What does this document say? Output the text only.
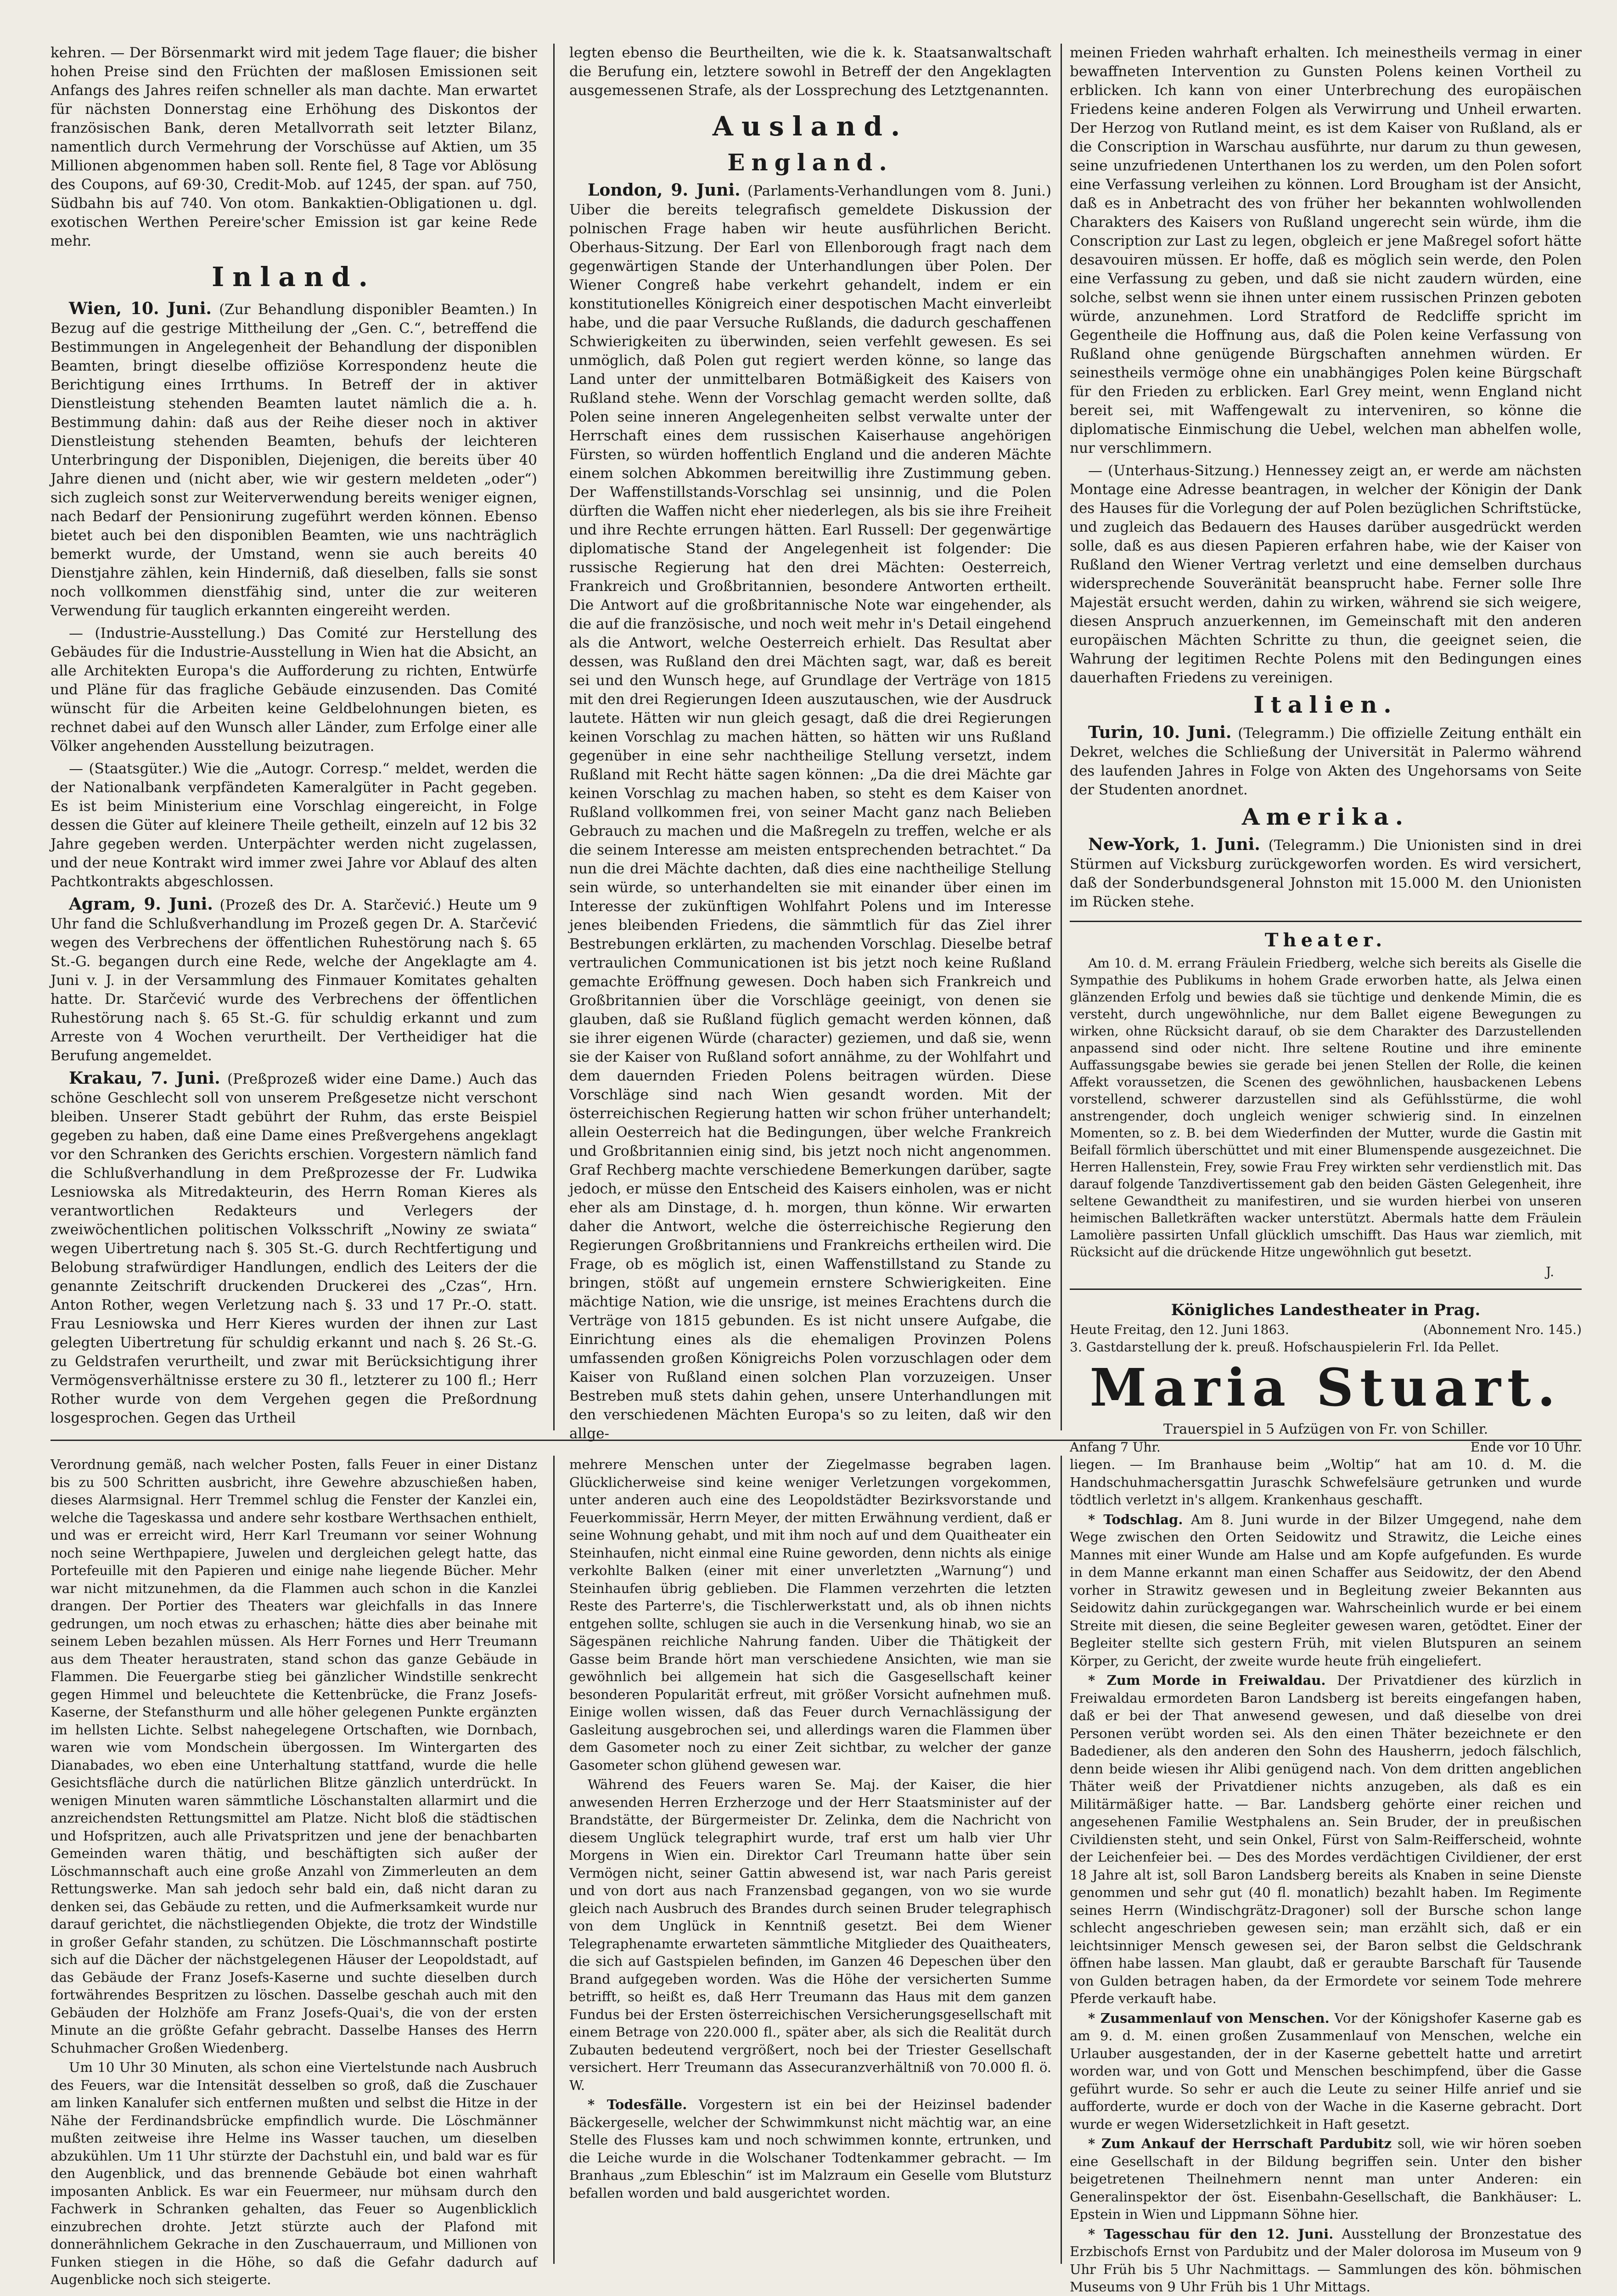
kehren. — Der Börsenmarkt wird mit jedem Tage flauer; die bisher hohen Preise sind den Früchten der maßlosen Emissionen seit Anfangs des Jahres reifen schneller als man dachte. Man erwartet für nächsten Donnerstag eine Erhöhung des Diskontos der französischen Bank, deren Metallvorrath seit letzter Bilanz, namentlich durch Vermehrung der Vorschüsse auf Aktien, um 35 Millionen abgenommen haben soll. Rente fiel, 8 Tage vor Ablösung des Coupons, auf 69·30, Credit-Mob. auf 1245, der span. auf 750, Südbahn bis auf 740. Von otom. Bankaktien-Obligationen u. dgl. exotischen Werthen Pereire'scher Emission ist gar keine Rede mehr.

Inland.

Wien, 10. Juni. (Zur Behandlung disponibler Beamten.) In Bezug auf die gestrige Mittheilung der „Gen. C.“, betreffend die Bestimmungen in Angelegenheit der Behandlung der disponiblen Beamten, bringt dieselbe offiziöse Korrespondenz heute die Berichtigung eines Irrthums. In Betreff der in aktiver Dienstleistung stehenden Beamten lautet nämlich die a. h. Bestimmung dahin: daß aus der Reihe dieser noch in aktiver Dienstleistung stehenden Beamten, behufs der leichteren Unterbringung der Disponiblen, Diejenigen, die bereits über 40 Jahre dienen und (nicht aber, wie wir gestern meldeten „oder“) sich zugleich sonst zur Weiterverwendung bereits weniger eignen, nach Bedarf der Pensionirung zugeführt werden können. Ebenso bietet auch bei den disponiblen Beamten, wie uns nachträglich bemerkt wurde, der Umstand, wenn sie auch bereits 40 Dienstjahre zählen, kein Hinderniß, daß dieselben, falls sie sonst noch vollkommen dienstfähig sind, unter die zur weiteren Verwendung für tauglich erkannten eingereiht werden.

— (Industrie-Ausstellung.) Das Comité zur Herstellung des Gebäudes für die Industrie-Ausstellung in Wien hat die Absicht, an alle Architekten Europa's die Aufforderung zu richten, Entwürfe und Pläne für das fragliche Gebäude einzusenden. Das Comité wünscht für die Arbeiten keine Geldbelohnungen bieten, es rechnet dabei auf den Wunsch aller Länder, zum Erfolge einer alle Völker angehenden Ausstellung beizutragen.

— (Staatsgüter.) Wie die „Autogr. Corresp.“ meldet, werden die der Nationalbank verpfändeten Kameralgüter in Pacht gegeben. Es ist beim Ministerium eine Vorschlag eingereicht, in Folge dessen die Güter auf kleinere Theile getheilt, einzeln auf 12 bis 32 Jahre gegeben werden. Unterpächter werden nicht zugelassen, und der neue Kontrakt wird immer zwei Jahre vor Ablauf des alten Pachtkontrakts abgeschlossen.

Agram, 9. Juni. (Prozeß des Dr. A. Starčević.) Heute um 9 Uhr fand die Schlußverhandlung im Prozeß gegen Dr. A. Starčević wegen des Verbrechens der öffentlichen Ruhestörung nach §. 65 St.-G. begangen durch eine Rede, welche der Angeklagte am 4. Juni v. J. in der Versammlung des Finmauer Komitates gehalten hatte. Dr. Starčević wurde des Verbrechens der öffentlichen Ruhestörung nach §. 65 St.-G. für schuldig erkannt und zum Arreste von 4 Wochen verurtheilt. Der Vertheidiger hat die Berufung angemeldet.

Krakau, 7. Juni. (Preßprozeß wider eine Dame.) Auch das schöne Geschlecht soll von unserem Preßgesetze nicht verschont bleiben. Unserer Stadt gebührt der Ruhm, das erste Beispiel gegeben zu haben, daß eine Dame eines Preßvergehens angeklagt vor den Schranken des Gerichts erschien. Vorgestern nämlich fand die Schlußverhandlung in dem Preßprozesse der Fr. Ludwika Lesniowska als Mitredakteurin, des Herrn Roman Kieres als verantwortlichen Redakteurs und Verlegers der zweiwöchentlichen politischen Volksschrift „Nowiny ze swiata“ wegen Uibertretung nach §. 305 St.-G. durch Rechtfertigung und Belobung strafwürdiger Handlungen, endlich des Leiters der die genannte Zeitschrift druckenden Druckerei des „Czas“, Hrn. Anton Rother, wegen Verletzung nach §. 33 und 17 Pr.-O. statt. Frau Lesniowska und Herr Kieres wurden der ihnen zur Last gelegten Uibertretung für schuldig erkannt und nach §. 26 St.-G. zu Geldstrafen verurtheilt, und zwar mit Berücksichtigung ihrer Vermögensverhältnisse erstere zu 30 fl., letzterer zu 100 fl.; Herr Rother wurde von dem Vergehen gegen die Preßordnung losgesprochen. Gegen das Urtheil

legten ebenso die Beurtheilten, wie die k. k. Staatsanwaltschaft die Berufung ein, letztere sowohl in Betreff der den Angeklagten ausgemessenen Strafe, als der Lossprechung des Letztgenannten.

Ausland.
England.

London, 9. Juni. (Parlaments-Verhandlungen vom 8. Juni.) Uiber die bereits telegrafisch gemeldete Diskussion der polnischen Frage haben wir heute ausführlichen Bericht. Oberhaus-Sitzung. Der Earl von Ellenborough fragt nach dem gegenwärtigen Stande der Unterhandlungen über Polen. Der Wiener Congreß habe verkehrt gehandelt, indem er ein konstitutionelles Königreich einer despotischen Macht einverleibt habe, und die paar Versuche Rußlands, die dadurch geschaffenen Schwierigkeiten zu überwinden, seien verfehlt gewesen. Es sei unmöglich, daß Polen gut regiert werden könne, so lange das Land unter der unmittelbaren Botmäßigkeit des Kaisers von Rußland stehe. Wenn der Vorschlag gemacht werden sollte, daß Polen seine inneren Angelegenheiten selbst verwalte unter der Herrschaft eines dem russischen Kaiserhause angehörigen Fürsten, so würden hoffentlich England und die anderen Mächte einem solchen Abkommen bereitwillig ihre Zustimmung geben. Der Waffenstillstands-Vorschlag sei unsinnig, und die Polen dürften die Waffen nicht eher niederlegen, als bis sie ihre Freiheit und ihre Rechte errungen hätten. Earl Russell: Der gegenwärtige diplomatische Stand der Angelegenheit ist folgender: Die russische Regierung hat den drei Mächten: Oesterreich, Frankreich und Großbritannien, besondere Antworten ertheilt. Die Antwort auf die großbritannische Note war eingehender, als die auf die französische, und noch weit mehr in's Detail eingehend als die Antwort, welche Oesterreich erhielt. Das Resultat aber dessen, was Rußland den drei Mächten sagt, war, daß es bereit sei und den Wunsch hege, auf Grundlage der Verträge von 1815 mit den drei Regierungen Ideen auszutauschen, wie der Ausdruck lautete. Hätten wir nun gleich gesagt, daß die drei Regierungen keinen Vorschlag zu machen hätten, so hätten wir uns Rußland gegenüber in eine sehr nachtheilige Stellung versetzt, indem Rußland mit Recht hätte sagen können: „Da die drei Mächte gar keinen Vorschlag zu machen haben, so steht es dem Kaiser von Rußland vollkommen frei, von seiner Macht ganz nach Belieben Gebrauch zu machen und die Maßregeln zu treffen, welche er als die seinem Interesse am meisten entsprechenden betrachtet.“ Da nun die drei Mächte dachten, daß dies eine nachtheilige Stellung sein würde, so unterhandelten sie mit einander über einen im Interesse der zukünftigen Wohlfahrt Polens und im Interesse jenes bleibenden Friedens, die sämmtlich für das Ziel ihrer Bestrebungen erklärten, zu machenden Vorschlag. Dieselbe betraf vertraulichen Communicationen ist bis jetzt noch keine Rußland gemachte Eröffnung gewesen. Doch haben sich Frankreich und Großbritannien über die Vorschläge geeinigt, von denen sie glauben, daß sie Rußland füglich gemacht werden können, daß sie ihrer eigenen Würde (character) geziemen, und daß sie, wenn sie der Kaiser von Rußland sofort annähme, zu der Wohlfahrt und dem dauernden Frieden Polens beitragen würden. Diese Vorschläge sind nach Wien gesandt worden. Mit der österreichischen Regierung hatten wir schon früher unterhandelt; allein Oesterreich hat die Bedingungen, über welche Frankreich und Großbritannien einig sind, bis jetzt noch nicht angenommen. Graf Rechberg machte verschiedene Bemerkungen darüber, sagte jedoch, er müsse den Entscheid des Kaisers einholen, was er nicht eher als am Dinstage, d. h. morgen, thun könne. Wir erwarten daher die Antwort, welche die österreichische Regierung den Regierungen Großbritanniens und Frankreichs ertheilen wird. Die Frage, ob es möglich ist, einen Waffenstillstand zu Stande zu bringen, stößt auf ungemein ernstere Schwierigkeiten. Eine mächtige Nation, wie die unsrige, ist meines Erachtens durch die Verträge von 1815 gebunden. Es ist nicht unsere Aufgabe, die Einrichtung eines als die ehemaligen Provinzen Polens umfassenden großen Königreichs Polen vorzuschlagen oder dem Kaiser von Rußland einen solchen Plan vorzuzeigen. Unser Bestreben muß stets dahin gehen, unsere Unterhandlungen mit den verschiedenen Mächten Europa's so zu leiten, daß wir den allge-

meinen Frieden wahrhaft erhalten. Ich meinestheils vermag in einer bewaffneten Intervention zu Gunsten Polens keinen Vortheil zu erblicken. Ich kann von einer Unterbrechung des europäischen Friedens keine anderen Folgen als Verwirrung und Unheil erwarten. Der Herzog von Rutland meint, es ist dem Kaiser von Rußland, als er die Conscription in Warschau ausführte, nur darum zu thun gewesen, seine unzufriedenen Unterthanen los zu werden, um den Polen sofort eine Verfassung verleihen zu können. Lord Brougham ist der Ansicht, daß es in Anbetracht des von früher her bekannten wohlwollenden Charakters des Kaisers von Rußland ungerecht sein würde, ihm die Conscription zur Last zu legen, obgleich er jene Maßregel sofort hätte desavouiren müssen. Er hoffe, daß es möglich sein werde, den Polen eine Verfassung zu geben, und daß sie nicht zaudern würden, eine solche, selbst wenn sie ihnen unter einem russischen Prinzen geboten würde, anzunehmen. Lord Stratford de Redcliffe spricht im Gegentheile die Hoffnung aus, daß die Polen keine Verfassung von Rußland ohne genügende Bürgschaften annehmen würden. Er seinestheils vermöge ohne ein unabhängiges Polen keine Bürgschaft für den Frieden zu erblicken. Earl Grey meint, wenn England nicht bereit sei, mit Waffengewalt zu interveniren, so könne die diplomatische Einmischung die Uebel, welchen man abhelfen wolle, nur verschlimmern.

— (Unterhaus-Sitzung.) Hennessey zeigt an, er werde am nächsten Montage eine Adresse beantragen, in welcher der Königin der Dank des Hauses für die Vorlegung der auf Polen bezüglichen Schriftstücke, und zugleich das Bedauern des Hauses darüber ausgedrückt werden solle, daß es aus diesen Papieren erfahren habe, wie der Kaiser von Rußland den Wiener Vertrag verletzt und eine demselben durchaus widersprechende Souveränität beansprucht habe. Ferner solle Ihre Majestät ersucht werden, dahin zu wirken, während sie sich weigere, diesen Anspruch anzuerkennen, im Gemeinschaft mit den anderen europäischen Mächten Schritte zu thun, die geeignet seien, die Wahrung der legitimen Rechte Polens mit den Bedingungen eines dauerhaften Friedens zu vereinigen.

Italien.

Turin, 10. Juni. (Telegramm.) Die offizielle Zeitung enthält ein Dekret, welches die Schließung der Universität in Palermo während des laufenden Jahres in Folge von Akten des Ungehorsams von Seite der Studenten anordnet.

Amerika.

New-York, 1. Juni. (Telegramm.) Die Unionisten sind in drei Stürmen auf Vicksburg zurückgeworfen worden. Es wird versichert, daß der Sonderbundsgeneral Johnston mit 15.000 M. den Unionisten im Rücken stehe.

Theater.

Am 10. d. M. errang Fräulein Friedberg, welche sich bereits als Giselle die Sympathie des Publikums in hohem Grade erworben hatte, als Jelwa einen glänzenden Erfolg und bewies daß sie tüchtige und denkende Mimin, die es versteht, durch ungewöhnliche, nur dem Ballet eigene Bewegungen zu wirken, ohne Rücksicht darauf, ob sie dem Charakter des Darzustellenden anpassend sind oder nicht. Ihre seltene Routine und ihre eminente Auffassungsgabe bewies sie gerade bei jenen Stellen der Rolle, die keinen Affekt voraussetzen, die Scenen des gewöhnlichen, hausbackenen Lebens vorstellend, schwerer darzustellen sind als Gefühlsstürme, die wohl anstrengender, doch ungleich weniger schwierig sind. In einzelnen Momenten, so z. B. bei dem Wiederfinden der Mutter, wurde die Gastin mit Beifall förmlich überschüttet und mit einer Blumenspende ausgezeichnet. Die Herren Hallenstein, Frey, sowie Frau Frey wirkten sehr verdienstlich mit. Das darauf folgende Tanzdivertissement gab den beiden Gästen Gelegenheit, ihre seltene Gewandtheit zu manifestiren, und sie wurden hierbei von unseren heimischen Balletkräften wacker unterstützt. Abermals hatte dem Fräulein Lamolière passirten Unfall glücklich umschifft. Das Haus war ziemlich, mit Rücksicht auf die drückende Hitze ungewöhnlich gut besetzt.

J.
Königliches Landestheater in Prag.
Heute Freitag, den 12. Juni 1863.	(Abonnement Nro. 145.)
3. Gastdarstellung der k. preuß. Hofschauspielerin Frl. Ida Pellet.
Maria Stuart.
Trauerspiel in 5 Aufzügen von Fr. von Schiller.
Anfang 7 Uhr.	Ende vor 10 Uhr.

Verordnung gemäß, nach welcher Posten, falls Feuer in einer Distanz bis zu 500 Schritten ausbricht, ihre Gewehre abzuschießen haben, dieses Alarmsignal. Herr Tremmel schlug die Fenster der Kanzlei ein, welche die Tageskassa und andere sehr kostbare Werthsachen enthielt, und was er erreicht wird, Herr Karl Treumann vor seiner Wohnung noch seine Werthpapiere, Juwelen und dergleichen gelegt hatte, das Portefeuille mit den Papieren und einige nahe liegende Bücher. Mehr war nicht mitzunehmen, da die Flammen auch schon in die Kanzlei drangen. Der Portier des Theaters war gleichfalls in das Innere gedrungen, um noch etwas zu erhaschen; hätte dies aber beinahe mit seinem Leben bezahlen müssen. Als Herr Fornes und Herr Treumann aus dem Theater heraustraten, stand schon das ganze Gebäude in Flammen. Die Feuergarbe stieg bei gänzlicher Windstille senkrecht gegen Himmel und beleuchtete die Kettenbrücke, die Franz Josefs-Kaserne, der Stefansthurm und alle höher gelegenen Punkte ergänzten im hellsten Lichte. Selbst nahegelegene Ortschaften, wie Dornbach, waren wie vom Mondschein übergossen. Im Wintergarten des Dianabades, wo eben eine Unterhaltung stattfand, wurde die helle Gesichtsfläche durch die natürlichen Blitze gänzlich unterdrückt. In wenigen Minuten waren sämmtliche Löschanstalten allarmirt und die anzreichendsten Rettungsmittel am Platze. Nicht bloß die städtischen und Hofspritzen, auch alle Privatspritzen und jene der benachbarten Gemeinden waren thätig, und beschäftigten sich außer der Löschmannschaft auch eine große Anzahl von Zimmerleuten an dem Rettungswerke. Man sah jedoch sehr bald ein, daß nicht daran zu denken sei, das Gebäude zu retten, und die Aufmerksamkeit wurde nur darauf gerichtet, die nächstliegenden Objekte, die trotz der Windstille in großer Gefahr standen, zu schützen. Die Löschmannschaft postirte sich auf die Dächer der nächstgelegenen Häuser der Leopoldstadt, auf das Gebäude der Franz Josefs-Kaserne und suchte dieselben durch fortwährendes Bespritzen zu löschen. Dasselbe geschah auch mit den Gebäuden der Holzhöfe am Franz Josefs-Quai's, die von der ersten Minute an die größte Gefahr gebracht. Dasselbe Hanses des Herrn Schuhmacher Großen Wiedenberg.

Um 10 Uhr 30 Minuten, als schon eine Viertelstunde nach Ausbruch des Feuers, war die Intensität desselben so groß, daß die Zuschauer am linken Kanalufer sich entfernen mußten und selbst die Hitze in der Nähe der Ferdinandsbrücke empfindlich wurde. Die Löschmänner mußten zeitweise ihre Helme ins Wasser tauchen, um dieselben abzukühlen. Um 11 Uhr stürzte der Dachstuhl ein, und bald war es für den Augenblick, und das brennende Gebäude bot einen wahrhaft imposanten Anblick. Es war ein Feuermeer, nur mühsam durch den Fachwerk in Schranken gehalten, das Feuer so Augenblicklich einzubrechen drohte. Jetzt stürzte auch der Plafond mit donnerähnlichem Gekrache in den Zuschauerraum, und Millionen von Funken stiegen in die Höhe, so daß die Gefahr dadurch auf Augenblicke noch sich steigerte.

mehrere Menschen unter der Ziegelmasse begraben lagen. Glücklicherweise sind keine weniger Verletzungen vorgekommen, unter anderen auch eine des Leopoldstädter Bezirksvorstande und Feuerkommissär, Herrn Meyer, der mitten Erwähnung verdient, daß er seine Wohnung gehabt, und mit ihm noch auf und dem Quaitheater ein Steinhaufen, nicht einmal eine Ruine geworden, denn nichts als einige verkohlte Balken (einer mit einer unverletzten „Warnung“) und Steinhaufen übrig geblieben. Die Flammen verzehrten die letzten Reste des Parterre's, die Tischlerwerkstatt und, als ob ihnen nichts entgehen sollte, schlugen sie auch in die Versenkung hinab, wo sie an Sägespänen reichliche Nahrung fanden. Uiber die Thätigkeit der Gasse beim Brande hört man verschiedene Ansichten, wie man sie gewöhnlich bei allgemein hat sich die Gasgesellschaft keiner besonderen Popularität erfreut, mit größer Vorsicht aufnehmen muß. Einige wollen wissen, daß das Feuer durch Vernachlässigung der Gasleitung ausgebrochen sei, und allerdings waren die Flammen über dem Gasometer noch zu einer Zeit sichtbar, zu welcher der ganze Gasometer schon glühend gewesen war.

Während des Feuers waren Se. Maj. der Kaiser, die hier anwesenden Herren Erzherzoge und der Herr Staatsminister auf der Brandstätte, der Bürgermeister Dr. Zelinka, dem die Nachricht von diesem Unglück telegraphirt wurde, traf erst um halb vier Uhr Morgens in Wien ein. Direktor Carl Treumann hatte über sein Vermögen nicht, seiner Gattin abwesend ist, war nach Paris gereist und von dort aus nach Franzensbad gegangen, von wo sie wurde gleich nach Ausbruch des Brandes durch seinen Bruder telegraphisch von dem Unglück in Kenntniß gesetzt. Bei dem Wiener Telegraphenamte erwarteten sämmtliche Mitglieder des Quaitheaters, die sich auf Gastspielen befinden, im Ganzen 46 Depeschen über den Brand aufgegeben worden. Was die Höhe der versicherten Summe betrifft, so heißt es, daß Herr Treumann das Haus mit dem ganzen Fundus bei der Ersten österreichischen Versicherungsgesellschaft mit einem Betrage von 220.000 fl., später aber, als sich die Realität durch Zubauten bedeutend vergrößert, noch bei der Triester Gesellschaft versichert. Herr Treumann das Assecuranzverhältniß von 70.000 fl. ö. W.

* Todesfälle. Vorgestern ist ein bei der Heizinsel badender Bäckergeselle, welcher der Schwimmkunst nicht mächtig war, an eine Stelle des Flusses kam und noch schwimmen konnte, ertrunken, und die Leiche wurde in die Wolschaner Todtenkammer gebracht. — Im Branhaus „zum Ebleschin“ ist im Malzraum ein Geselle vom Blutsturz befallen worden und bald ausgerichtet worden.

liegen. — Im Branhause beim „Woltip“ hat am 10. d. M. die Handschuhmachersgattin Juraschk Schwefelsäure getrunken und wurde tödtlich verletzt in's allgem. Krankenhaus geschafft.

* Todschlag. Am 8. Juni wurde in der Bilzer Umgegend, nahe dem Wege zwischen den Orten Seidowitz und Strawitz, die Leiche eines Mannes mit einer Wunde am Halse und am Kopfe aufgefunden. Es wurde in dem Manne erkannt man einen Schaffer aus Seidowitz, der den Abend vorher in Strawitz gewesen und in Begleitung zweier Bekannten aus Seidowitz dahin zurückgegangen war. Wahrscheinlich wurde er bei einem Streite mit diesen, die seine Begleiter gewesen waren, getödtet. Einer der Begleiter stellte sich gestern Früh, mit vielen Blutspuren an seinem Körper, zu Gericht, der zweite wurde heute früh eingeliefert.

* Zum Morde in Freiwaldau. Der Privatdiener des kürzlich in Freiwaldau ermordeten Baron Landsberg ist bereits eingefangen haben, daß er bei der That anwesend gewesen, und daß dieselbe von drei Personen verübt worden sei. Als den einen Thäter bezeichnete er den Badediener, als den anderen den Sohn des Hausherrn, jedoch fälschlich, denn beide wiesen ihr Alibi genügend nach. Von dem dritten angeblichen Thäter weiß der Privatdiener nichts anzugeben, als daß es ein Militärmäßiger hatte. — Bar. Landsberg gehörte einer reichen und angesehenen Familie Westphalens an. Sein Bruder, der in preußischen Civildiensten steht, und sein Onkel, Fürst von Salm-Reifferscheid, wohnte der Leichenfeier bei. — Des des Mordes verdächtigen Civildiener, der erst 18 Jahre alt ist, soll Baron Landsberg bereits als Knaben in seine Dienste genommen und sehr gut (40 fl. monatlich) bezahlt haben. Im Regimente seines Herrn (Windischgrätz-Dragoner) soll der Bursche schon lange schlecht angeschrieben gewesen sein; man erzählt sich, daß er ein leichtsinniger Mensch gewesen sei, der Baron selbst die Geldschrank öffnen habe lassen. Man glaubt, daß er geraubte Barschaft für Tausende von Gulden betragen haben, da der Ermordete vor seinem Tode mehrere Pferde verkauft habe.

* Zusammenlauf von Menschen. Vor der Königshofer Kaserne gab es am 9. d. M. einen großen Zusammenlauf von Menschen, welche ein Urlauber ausgestanden, der in der Kaserne gebettelt hatte und arretirt worden war, und von Gott und Menschen beschimpfend, über die Gasse geführt wurde. So sehr er auch die Leute zu seiner Hilfe anrief und sie aufforderte, wurde er doch von der Wache in die Kaserne gebracht. Dort wurde er wegen Widersetzlichkeit in Haft gesetzt.

* Zum Ankauf der Herrschaft Pardubitz soll, wie wir hören soeben eine Gesellschaft in der Bildung begriffen sein. Unter den bisher beigetretenen Theilnehmern nennt man unter Anderen: ein Generalinspektor der öst. Eisenbahn-Gesellschaft, die Bankhäuser: L. Epstein in Wien und Lippmann Söhne hier.

* Tagesschau für den 12. Juni. Ausstellung der Bronzestatue des Erzbischofs Ernst von Pardubitz und der Maler dolorosa im Museum von 9 Uhr Früh bis 5 Uhr Nachmittags. — Sammlungen des kön. böhmischen Museums von 9 Uhr Früh bis 1 Uhr Mittags.
